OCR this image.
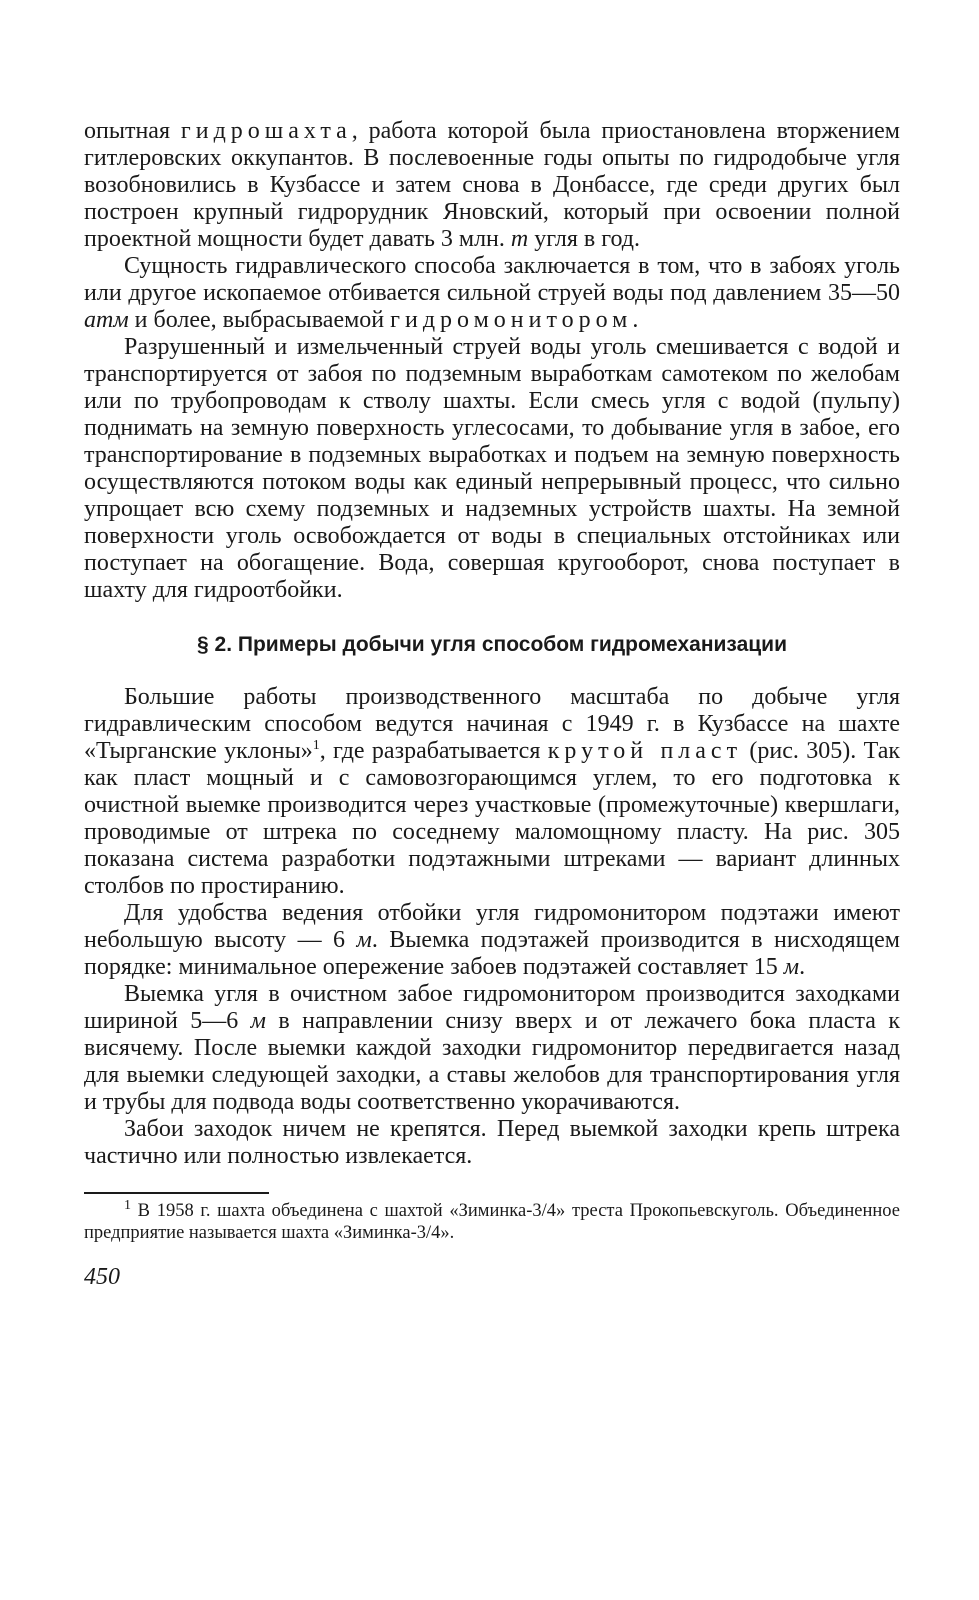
опытная гидрошахта, работа которой была приостановлена вторжением гитлеровских оккупантов. В послевоенные годы опыты по гидродобыче угля возобновились в Кузбассе и затем снова в Донбассе, где среди других был построен крупный гидрорудник Яновский, который при освоении полной проектной мощности будет давать 3 млн. т угля в год.

Сущность гидравлического способа заключается в том, что в забоях уголь или другое ископаемое отбивается сильной струей воды под давлением 35—50 атм и более, выбрасываемой гидромонитором.

Разрушенный и измельченный струей воды уголь смешивается с водой и транспортируется от забоя по подземным выработкам самотеком по желобам или по трубопроводам к стволу шахты. Если смесь угля с водой (пульпу) поднимать на земную поверхность углесосами, то добывание угля в забое, его транспортирование в подземных выработках и подъем на земную поверхность осуществляются потоком воды как единый непрерывный процесс, что сильно упрощает всю схему подземных и надземных устройств шахты. На земной поверхности уголь освобождается от воды в специальных отстойниках или поступает на обогащение. Вода, совершая кругооборот, снова поступает в шахту для гидроотбойки.

§ 2. Примеры добычи угля способом гидромеханизации

Большие работы производственного масштаба по добыче угля гидравлическим способом ведутся начиная с 1949 г. в Кузбассе на шахте «Тырганские уклоны»$^1$, где разрабатывается крутой пласт (рис. 305). Так как пласт мощный и с самовозгорающимся углем, то его подготовка к очистной выемке производится через участковые (промежуточные) квершлаги, проводимые от штрека по соседнему маломощному пласту. На рис. 305 показана система разработки подэтажными штреками — вариант длинных столбов по простиранию.

Для удобства ведения отбойки угля гидромонитором подэтажи имеют небольшую высоту — 6 м. Выемка подэтажей производится в нисходящем порядке: минимальное опережение забоев подэтажей составляет 15 м.

Выемка угля в очистном забое гидромонитором производится заходками шириной 5—6 м в направлении снизу вверх и от лежачего бока пласта к висячему. После выемки каждой заходки гидромонитор передвигается назад для выемки следующей заходки, а ставы желобов для транспортирования угля и трубы для подвода воды соответственно укорачиваются.

Забои заходок ничем не крепятся. Перед выемкой заходки крепь штрека частично или полностью извлекается.

$^1$ В 1958 г. шахта объединена с шахтой «Зиминка-3/4» треста Прокопьевскуголь. Объединенное предприятие называется шахта «Зиминка-3/4».

450
